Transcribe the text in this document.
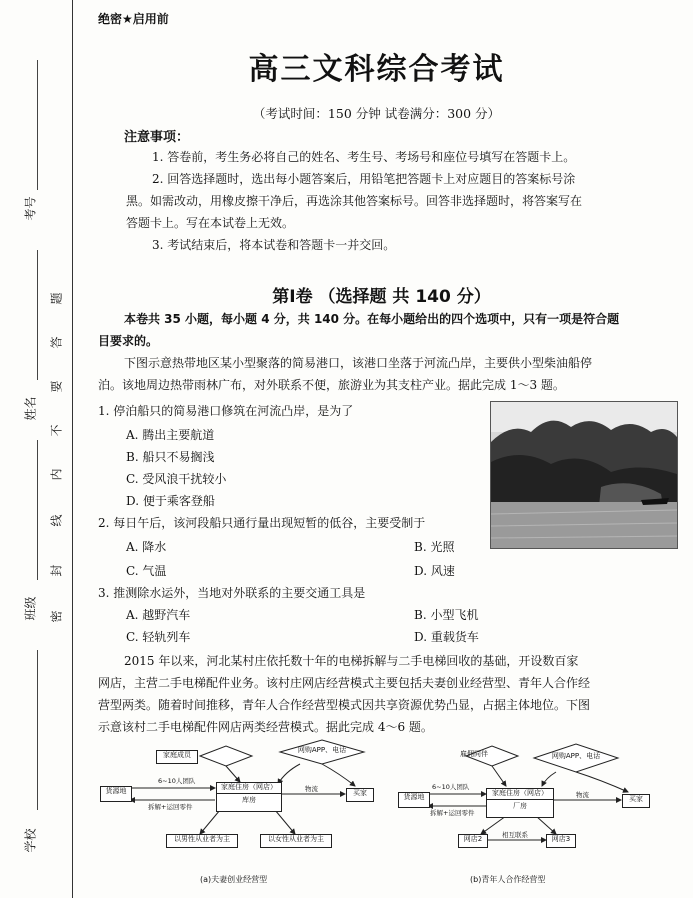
考号
姓名
班级
学校
题
答
要
不
内
线
封
密
绝密★启用前
高三文科综合考试
（考试时间：150 分钟 试卷满分：300 分）
注意事项：
1. 答卷前，考生务必将自己的姓名、考生号、考场号和座位号填写在答题卡上。
2. 回答选择题时，选出每小题答案后，用铅笔把答题卡上对应题目的答案标号涂
黑。如需改动，用橡皮擦干净后，再选涂其他答案标号。回答非选择题时，将答案写在
答题卡上。写在本试卷上无效。
3. 考试结束后，将本试卷和答题卡一并交回。
第Ⅰ卷 （选择题 共 140 分）
本卷共 35 小题，每小题 4 分，共 140 分。在每小题给出的四个选项中，只有一项是符合题
目要求的。
下图示意热带地区某小型聚落的简易港口，该港口坐落于河流凸岸，主要供小型柴油船停
泊。该地周边热带雨林广布，对外联系不便，旅游业为其支柱产业。据此完成 1～3 题。
1. 停泊船只的简易港口修筑在河流凸岸，是为了
A. 腾出主要航道
B. 船只不易搁浅
C. 受风浪干扰较小
D. 便于乘客登船
2. 每日午后，该河段船只通行量出现短暂的低谷，主要受制于
A. 降水	B. 光照
C. 气温	D. 风速
3. 推测除水运外，当地对外联系的主要交通工具是
A. 越野汽车	B. 小型飞机
C. 轻轨列车	D. 重载货车
2015 年以来，河北某村庄依托数十年的电梯拆解与二手电梯回收的基础，开设数百家
网店，主营二手电梯配件业务。该村庄网店经营模式主要包括夫妻创业经营型、青年人合作经
营型两类。随着时间推移，青年人合作经营型模式因共享资源优势凸显，占据主体地位。下图
示意该村二手电梯配件网店两类经营模式。据此完成 4～6 题。
家庭成员
网购APP、电话
6~10人团队
货源地
拆解+运回零件
家庭住房（网店）
库房
物流	买家
以男性从业者为主	以女性从业者为主
(a)夫妻创业经营型
雇佣同伴	网购APP、电话
6~10人团队
货源地
拆解+运回零件
家庭住房（网店）
厂房
物流	买家
相互联系
网店2	网店3
(b)青年人合作经营型
